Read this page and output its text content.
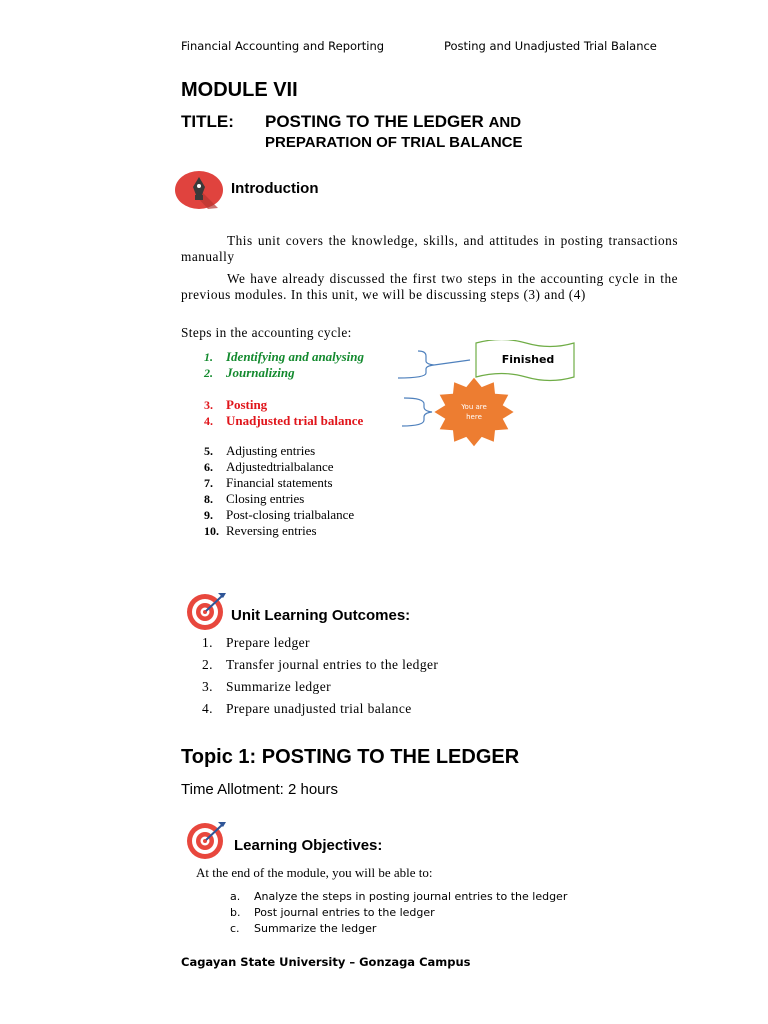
Financial Accounting and Reporting	Posting and Unadjusted Trial Balance
MODULE VII
TITLE: POSTING TO THE LEDGER AND
PREPARATION OF TRIAL BALANCE
Introduction
This unit covers the knowledge, skills, and attitudes in posting transactions manually
We have already discussed the first two steps in the accounting cycle in the previous modules. In this unit, we will be discussing steps (3) and (4)
Steps in the accounting cycle:
1. Identifying and analysing
2. Journalizing
3. Posting
4. Unadjusted trial balance
5. Adjusting entries
6. Adjustedtrialbalance
7. Financial statements
8. Closing entries
9. Post-closing trialbalance
10. Reversing entries
Finished
You are
here
Unit Learning Outcomes:
1. Prepare ledger
2. Transfer journal entries to the ledger
3. Summarize ledger
4. Prepare unadjusted trial balance
Topic 1: POSTING TO THE LEDGER
Time Allotment: 2 hours
Learning Objectives:
At the end of the module, you will be able to:
a. Analyze the steps in posting journal entries to the ledger
b. Post journal entries to the ledger
c. Summarize the ledger
Cagayan State University – Gonzaga Campus
